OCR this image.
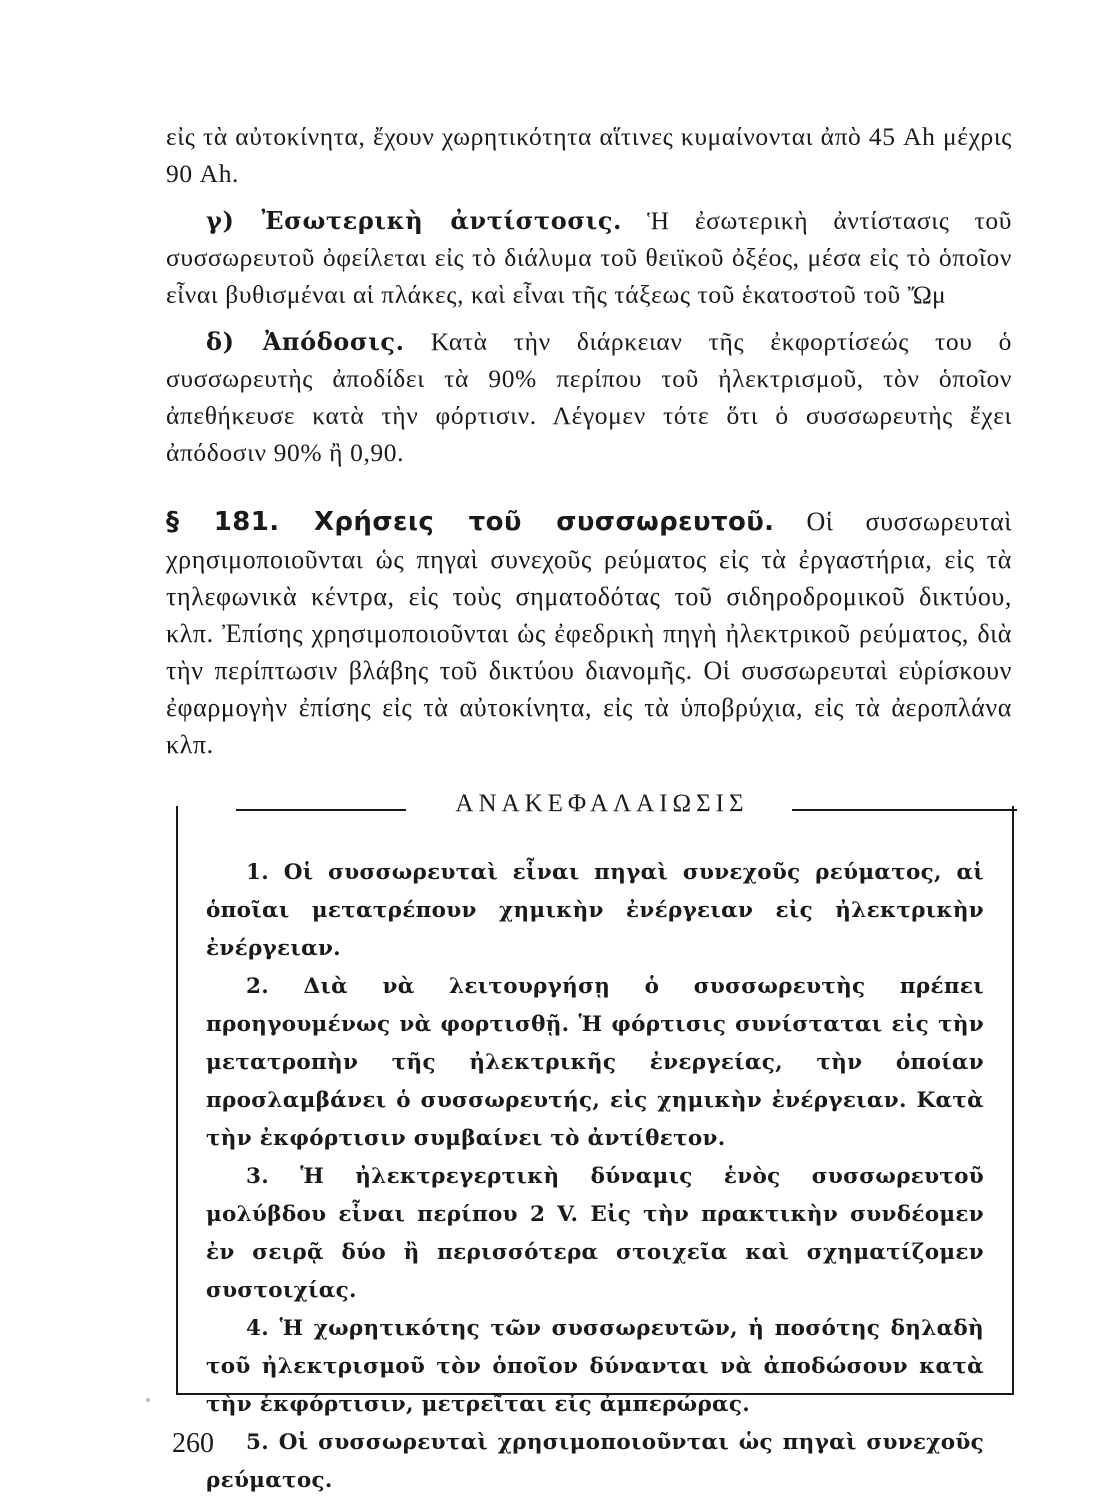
εἰς τὰ αὐτοκίνητα, ἔχουν χωρητικότητα αἵτινες κυμαίνονται ἀπὸ 45 Ah μέχρις 90 Ah.

γ) Ἐσωτερικὴ ἀντίστοσις. Ἡ ἐσωτερικὴ ἀντίστασις τοῦ συσσωρευτοῦ ὀφείλεται εἰς τὸ διάλυμα τοῦ θειϊκοῦ ὀξέος, μέσα εἰς τὸ ὁποῖον εἶναι βυθισμέναι αἱ πλάκες, καὶ εἶναι τῆς τάξεως τοῦ ἑκατοστοῦ τοῦ Ὤμ

δ) Ἀπόδοσις. Κατὰ τὴν διάρκειαν τῆς ἐκφορτίσεώς του ὁ συσσωρευτὴς ἀποδίδει τὰ 90% περίπου τοῦ ἠλεκτρισμοῦ, τὸν ὁποῖον ἀπεθήκευσε κατὰ τὴν φόρτισιν. Λέγομεν τότε ὅτι ὁ συσσωρευτὴς ἔχει ἀπόδοσιν 90% ἢ 0,90.

§ 181. Χρήσεις τοῦ συσσωρευτοῦ. Οἱ συσσωρευταὶ χρησιμοποιοῦνται ὡς πηγαὶ συνεχοῦς ρεύματος εἰς τὰ ἐργαστήρια, εἰς τὰ τηλεφωνικὰ κέντρα, εἰς τοὺς σηματοδότας τοῦ σιδηροδρομικοῦ δικτύου, κλπ. Ἐπίσης χρησιμοποιοῦνται ὡς ἐφεδρικὴ πηγὴ ἠλεκτρικοῦ ρεύματος, διὰ τὴν περίπτωσιν βλάβης τοῦ δικτύου διανομῆς. Οἱ συσσωρευταὶ εὑρίσκουν ἐφαρμογὴν ἐπίσης εἰς τὰ αὐτοκίνητα, εἰς τὰ ὑποβρύχια, εἰς τὰ ἀεροπλάνα κλπ.

ΑΝΑΚΕΦΑΛΑΙΩΣΙΣ

1. Οἱ συσσωρευταὶ εἶναι πηγαὶ συνεχοῦς ρεύματος, αἱ ὁποῖαι μετατρέπουν χημικὴν ἐνέργειαν εἰς ἠλεκτρικὴν ἐνέργειαν.

2. Διὰ νὰ λειτουργήσῃ ὁ συσσωρευτὴς πρέπει προηγουμένως νὰ φορτισθῇ. Ἡ φόρτισις συνίσταται εἰς τὴν μετατροπὴν τῆς ἠλεκτρικῆς ἐνεργείας, τὴν ὁποίαν προσλαμβάνει ὁ συσσωρευτής, εἰς χημικὴν ἐνέργειαν. Κατὰ τὴν ἐκφόρτισιν συμβαίνει τὸ ἀντίθετον.

3. Ἡ ἠλεκτρεγερτικὴ δύναμις ἑνὸς συσσωρευτοῦ μολύβδου εἶναι περίπου 2 V. Εἰς τὴν πρακτικὴν συνδέομεν ἐν σειρᾷ δύο ἢ περισσότερα στοιχεῖα καὶ σχηματίζομεν συστοιχίας.

4. Ἡ χωρητικότης τῶν συσσωρευτῶν, ἡ ποσότης δηλαδὴ τοῦ ἠλεκτρισμοῦ τὸν ὁποῖον δύνανται νὰ ἀποδώσουν κατὰ τὴν ἐκφόρτισιν, μετρεῖται εἰς ἀμπερώρας.

5. Οἱ συσσωρευταὶ χρησιμοποιοῦνται ὡς πηγαὶ συνεχοῦς ρεύματος.

260
